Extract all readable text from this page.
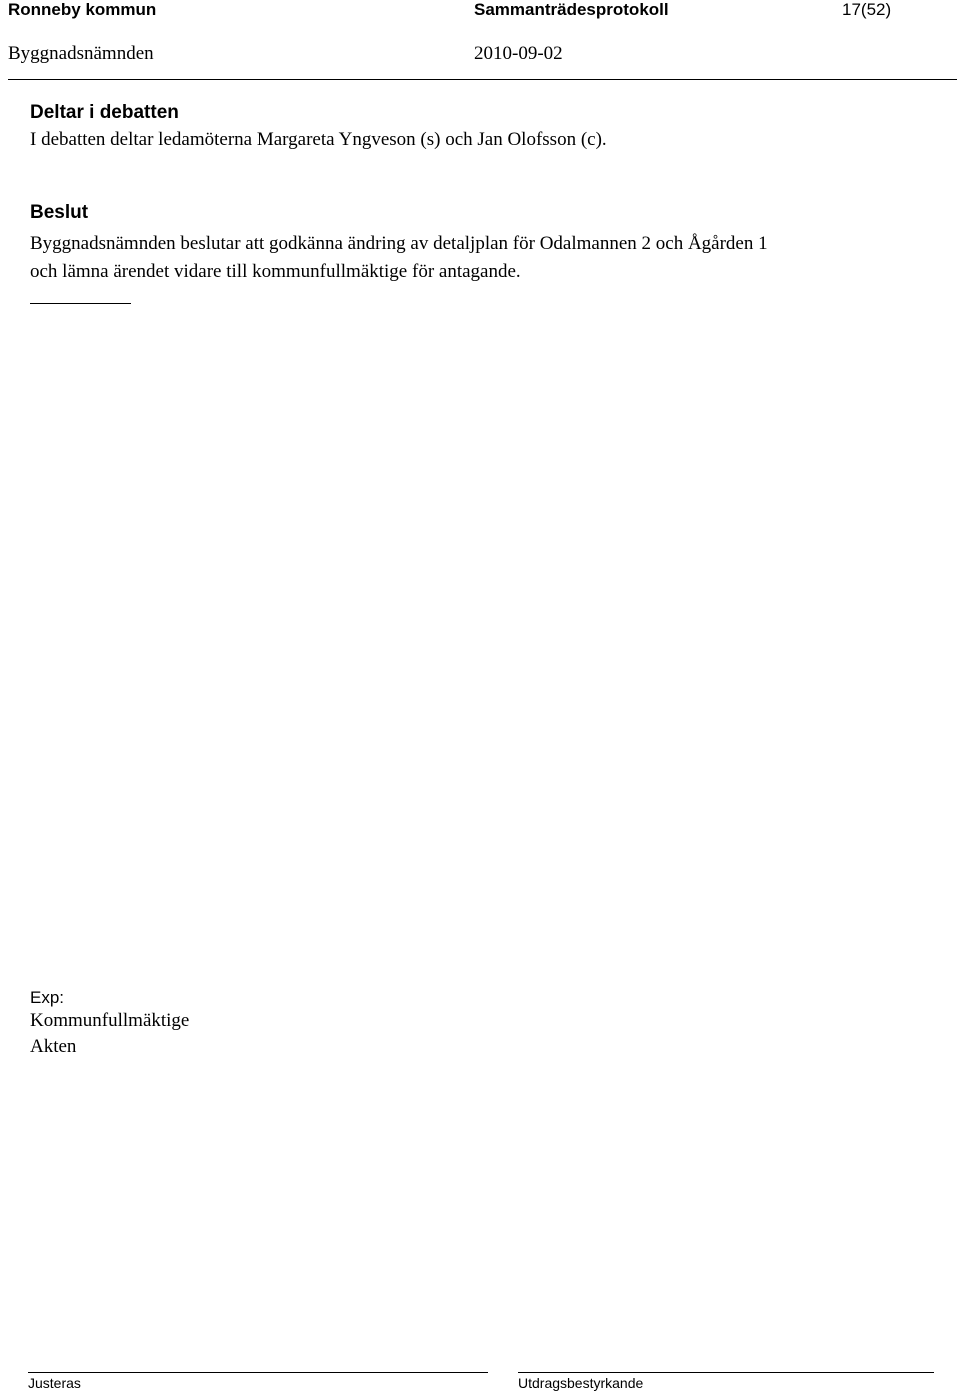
Ronneby kommun	Sammanträdesprotokoll	17(52)
Byggnadsnämnden	2010-09-02
Deltar i debatten
I debatten deltar ledamöterna Margareta Yngveson (s) och Jan Olofsson (c).
Beslut
Byggnadsnämnden beslutar att godkänna ändring av detaljplan för Odalmannen 2 och Ågården 1
och lämna ärendet vidare till kommunfullmäktige för antagande.
Exp:
Kommunfullmäktige
Akten
Justeras	Utdragsbestyrkande
